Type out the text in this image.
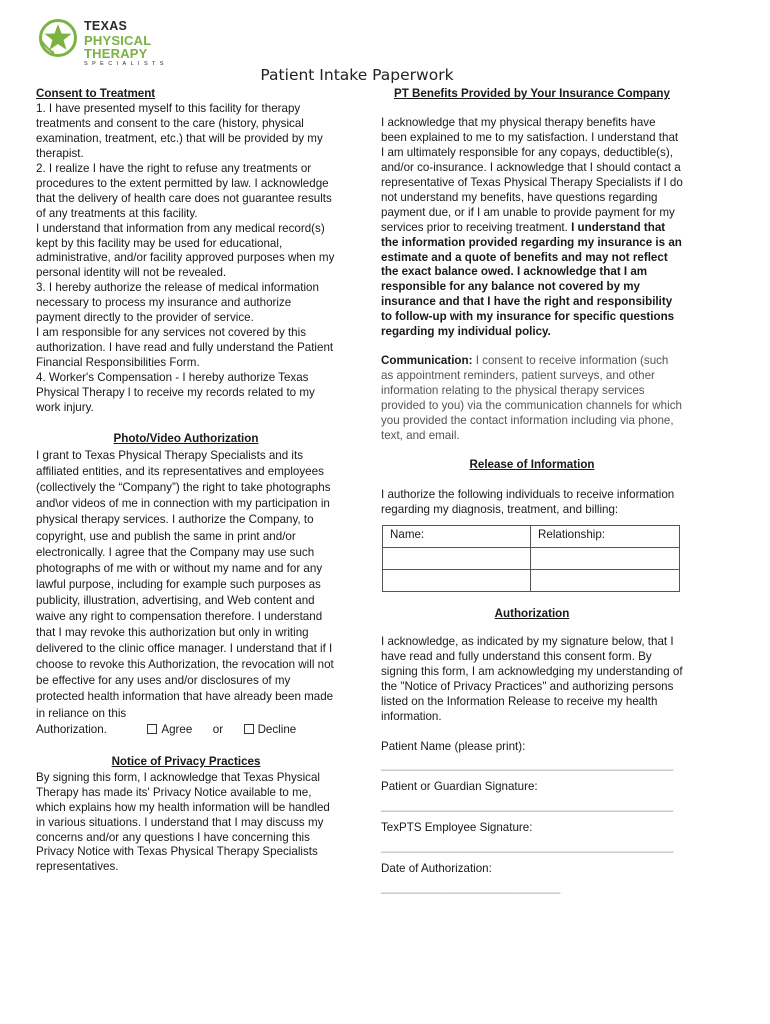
TEXAS
PHYSICAL THERAPY
SPECIALISTS
Patient Intake Paperwork
Consent to Treatment

1. I have presented myself to this facility for therapy treatments and consent to the care (history, physical examination, treatment, etc.) that will be provided by my therapist.
2. I realize I have the right to refuse any treatments or procedures to the extent permitted by law. I acknowledge that the delivery of health care does not guarantee results of any treatments at this facility.
I understand that information from any medical record(s) kept by this facility may be used for educational, administrative, and/or facility approved purposes when my personal identity will not be revealed.
3. I hereby authorize the release of medical information necessary to process my insurance and authorize payment directly to the provider of service.
I am responsible for any services not covered by this authorization. I have read and fully understand the Patient Financial Responsibilities Form.
4. Worker's Compensation - I hereby authorize Texas Physical Therapy l to receive my records related to my work injury.

Photo/Video Authorization

I grant to Texas Physical Therapy Specialists and its affiliated entities, and its representatives and employees (collectively the “Company”) the right to take photographs and\or videos of me in connection with my participation in physical therapy services. I authorize the Company, to copyright, use and publish the same in print and/or electronically. I agree that the Company may use such photographs of me with or without my name and for any lawful purpose, including for example such purposes as publicity, illustration, advertising, and Web content and waive any right to compensation therefore. I understand that I may revoke this authorization but only in writing delivered to the clinic office manager. I understand that if I choose to revoke this Authorization, the revocation will not be effective for any uses and/or disclosures of my protected health information that have already been made in reliance on this

Authorization.	Agree or	Decline
Notice of Privacy Practices

By signing this form, I acknowledge that Texas Physical Therapy has made its' Privacy Notice available to me, which explains how my health information will be handled in various situations. I understand that I may discuss my concerns and/or any questions I have concerning this Privacy Notice with Texas Physical Therapy Specialists representatives.

PT Benefits Provided by Your Insurance Company

I acknowledge that my physical therapy benefits have been explained to me to my satisfaction. I understand that I am ultimately responsible for any copays, deductible(s), and/or co-insurance. I acknowledge that I should contact a representative of Texas Physical Therapy Specialists if I do not understand my benefits, have questions regarding payment due, or if I am unable to provide payment for my services prior to receiving treatment. I understand that the information provided regarding my insurance is an estimate and a quote of benefits and may not reflect the exact balance owed. I acknowledge that I am responsible for any balance not covered by my insurance and that I have the right and responsibility to follow-up with my insurance for specific questions regarding my individual policy.

Communication: I consent to receive information (such as appointment reminders, patient surveys, and other information relating to the physical therapy services provided to you) via the communication channels for which you provided the contact information including via phone, text, and email.

Release of Information

I authorize the following individuals to receive information regarding my diagnosis, treatment, and billing:

Name:	Relationship:

Authorization

I acknowledge, as indicated by my signature below, that I have read and fully understand this consent form. By signing this form, I am acknowledging my understanding of the "Notice of Privacy Practices" and authorizing persons listed on the Information Release to receive my health information.

Patient Name (please print):
____________________________________________
Patient or Guardian Signature:
____________________________________________
TexPTS Employee Signature:
____________________________________________
Date of Authorization:
___________________________
